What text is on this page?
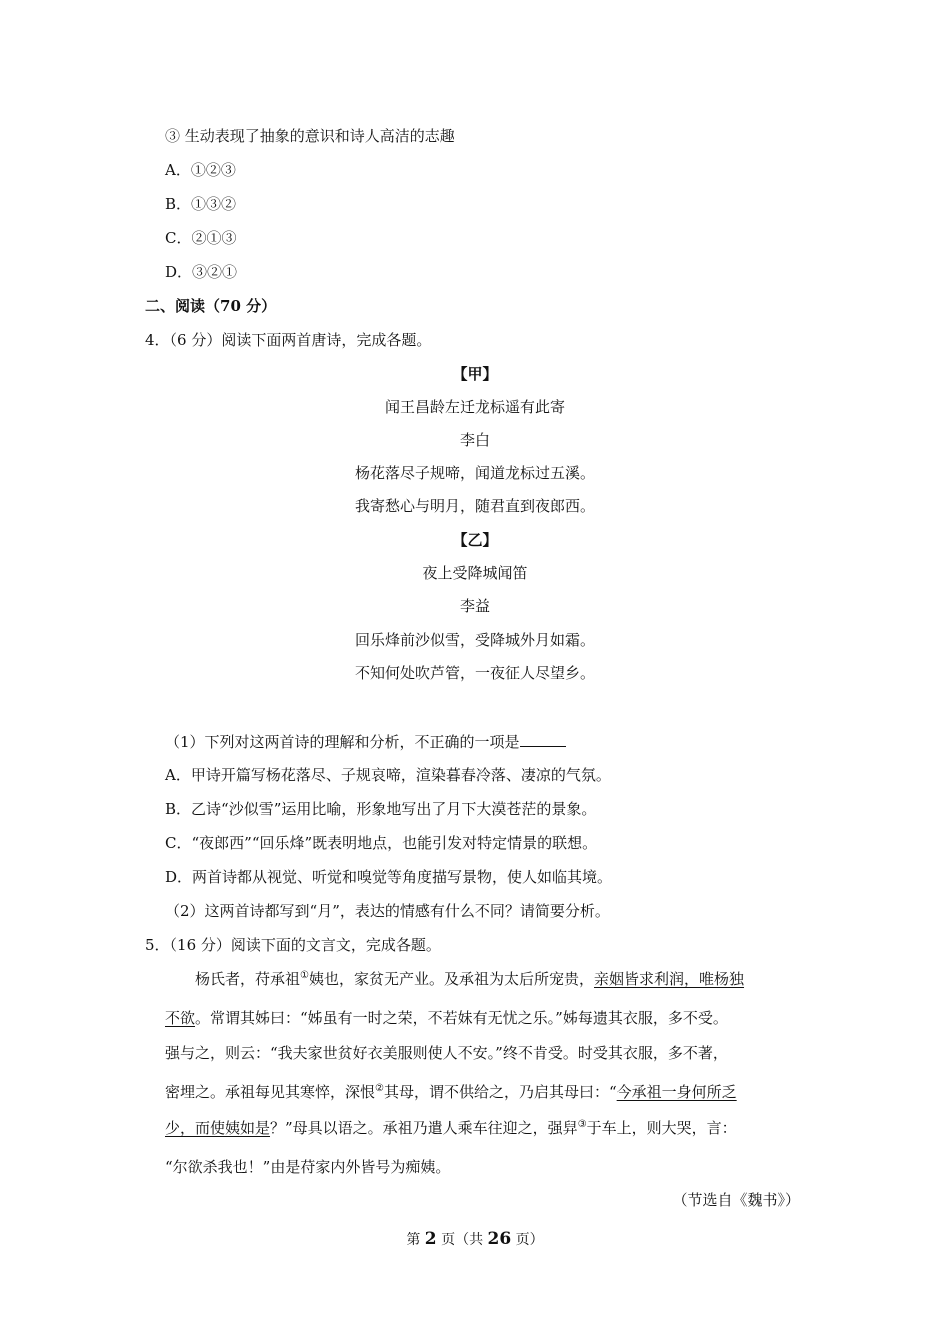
③ 生动表现了抽象的意识和诗人高洁的志趣
A．①②③
B．①③②
C．②①③
D．③②①
二、阅读（70 分）
4．（6 分）阅读下面两首唐诗，完成各题。
【甲】
闻王昌龄左迁龙标遥有此寄
李白
杨花落尽子规啼，闻道龙标过五溪。
我寄愁心与明月，随君直到夜郎西。
【乙】
夜上受降城闻笛
李益
回乐烽前沙似雪，受降城外月如霜。
不知何处吹芦管，一夜征人尽望乡。
（1）下列对这两首诗的理解和分析，不正确的一项是
A．甲诗开篇写杨花落尽、子规哀啼，渲染暮春冷落、凄凉的气氛。
B．乙诗“沙似雪”运用比喻，形象地写出了月下大漠苍茫的景象。
C．“夜郎西”“回乐烽”既表明地点，也能引发对特定情景的联想。
D．两首诗都从视觉、听觉和嗅觉等角度描写景物，使人如临其境。
（2）这两首诗都写到“月”，表达的情感有什么不同？请简要分析。
5．（16 分）阅读下面的文言文，完成各题。
杨氏者，苻承祖①姨也，家贫无产业。及承祖为太后所宠贵，亲姻皆求利润，唯杨独
不欲。常谓其姊曰：“姊虽有一时之荣，不若妹有无忧之乐。”姊每遗其衣服，多不受。
强与之，则云：“我夫家世贫好衣美服则使人不安。”终不肯受。时受其衣服，多不著，
密埋之。承祖每见其寒悴，深恨②其母，谓不供给之，乃启其母曰：“今承祖一身何所乏
少，而使姨如是？”母具以语之。承祖乃遣人乘车往迎之，强舁③于车上，则大哭，言：
“尔欲杀我也！”由是苻家内外皆号为痴姨。
（节选自《魏书》）
第 2 页（共 26 页）
